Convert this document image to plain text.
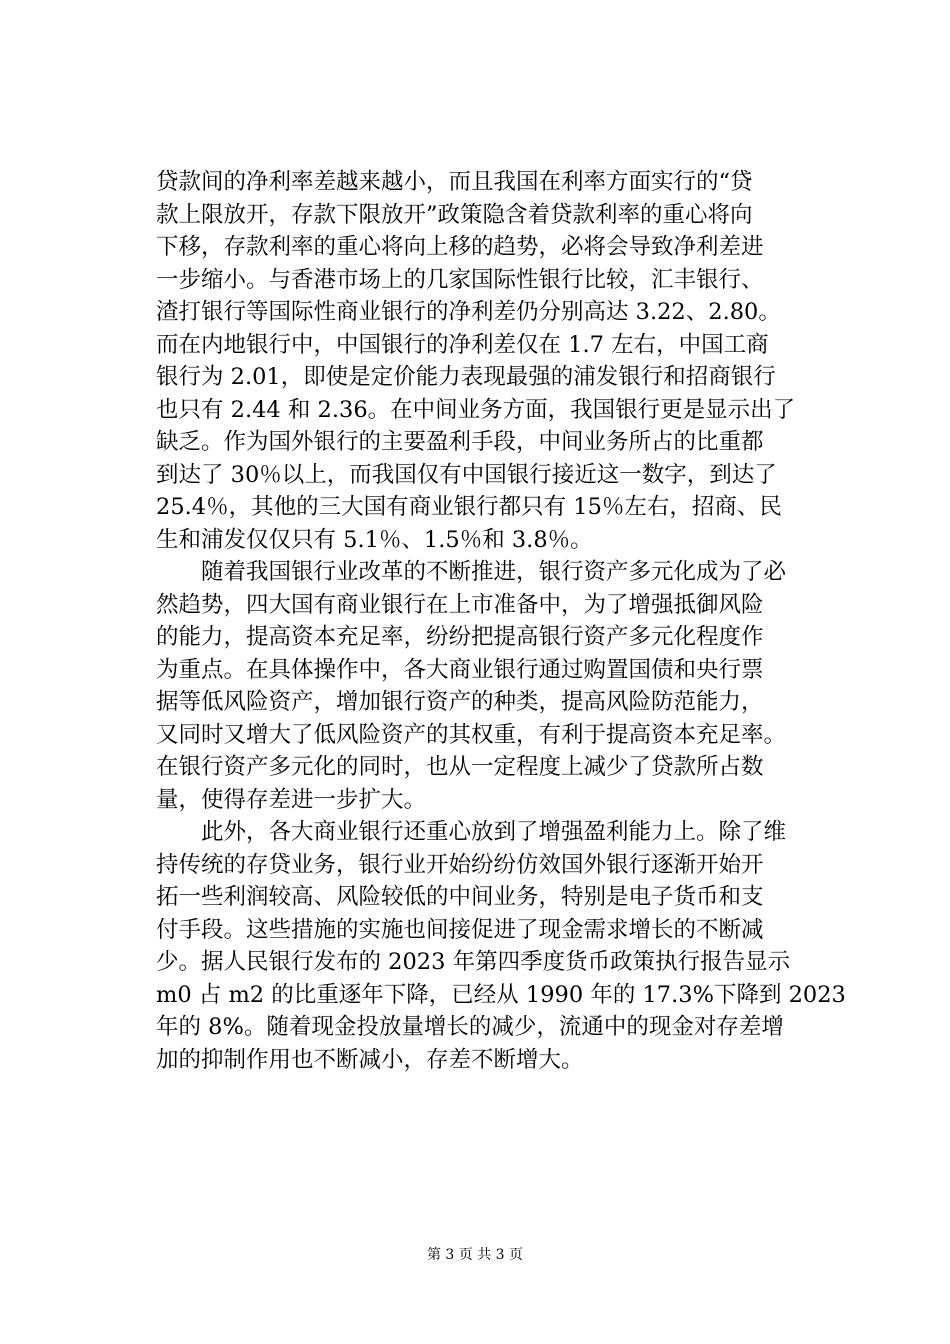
贷款间的净利率差越来越小，而且我国在利率方面实行的“贷
款上限放开，存款下限放开”政策隐含着贷款利率的重心将向
下移，存款利率的重心将向上移的趋势，必将会导致净利差进
一步缩小。与香港市场上的几家国际性银行比较，汇丰银行、
渣打银行等国际性商业银行的净利差仍分别高达 3.22、2.80。
而在内地银行中，中国银行的净利差仅在 1.7 左右，中国工商
银行为 2.01，即使是定价能力表现最强的浦发银行和招商银行
也只有 2.44 和 2.36。在中间业务方面，我国银行更是显示出了
缺乏。作为国外银行的主要盈利手段，中间业务所占的比重都
到达了 30％以上，而我国仅有中国银行接近这一数字，到达了
25.4％，其他的三大国有商业银行都只有 15％左右，招商、民
生和浦发仅仅只有 5.1％、1.5％和 3.8％。
随着我国银行业改革的不断推进，银行资产多元化成为了必
然趋势，四大国有商业银行在上市准备中，为了增强抵御风险
的能力，提高资本充足率，纷纷把提高银行资产多元化程度作
为重点。在具体操作中，各大商业银行通过购置国债和央行票
据等低风险资产，增加银行资产的种类，提高风险防范能力，
又同时又增大了低风险资产的其权重，有利于提高资本充足率。
在银行资产多元化的同时，也从一定程度上减少了贷款所占数
量，使得存差进一步扩大。
此外，各大商业银行还重心放到了增强盈利能力上。除了维
持传统的存贷业务，银行业开始纷纷仿效国外银行逐渐开始开
拓一些利润较高、风险较低的中间业务，特别是电子货币和支
付手段。这些措施的实施也间接促进了现金需求增长的不断减
少。据人民银行发布的 2023 年第四季度货币政策执行报告显示
m0 占 m2 的比重逐年下降，已经从 1990 年的 17.3%下降到 2023
年的 8%。随着现金投放量增长的减少，流通中的现金对存差增
加的抑制作用也不断减小，存差不断增大。
第 3 页 共 3 页
